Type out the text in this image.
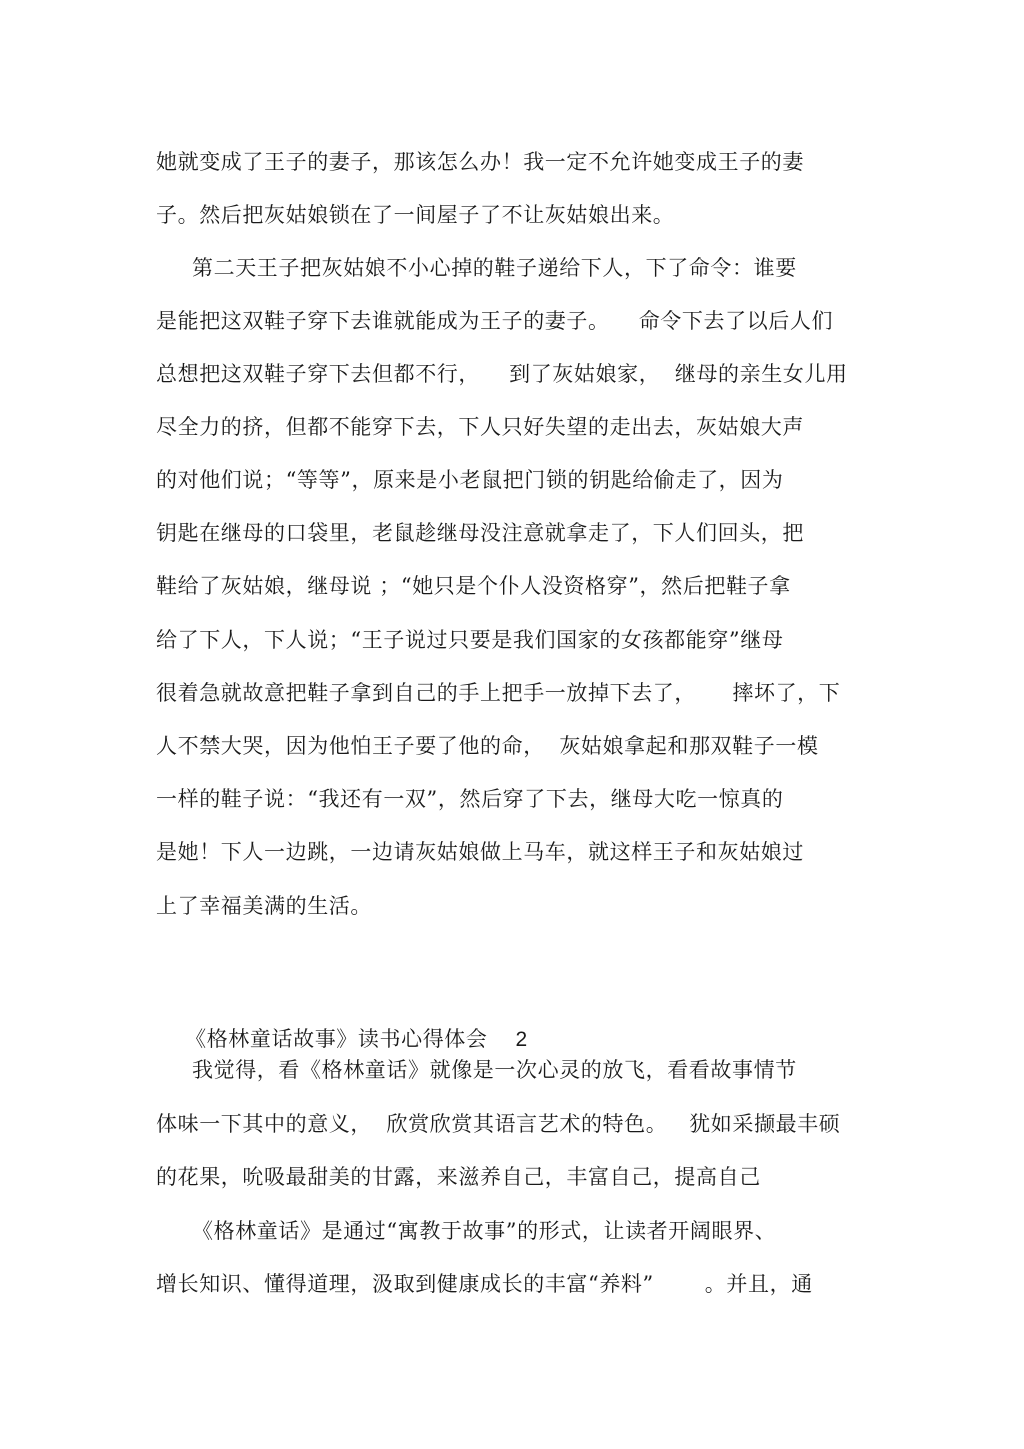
她就变成了王子的妻子，那该怎么办！我一定不允许她变成王子的妻
子。然后把灰姑娘锁在了一间屋子了不让灰姑娘出来。
第二天王子把灰姑娘不小心掉的鞋子递给下人，下了命令：谁要
是能把这双鞋子穿下去谁就能成为王子的妻子。    命令下去了以后人们
总想把这双鞋子穿下去但都不行，    到了灰姑娘家，  继母的亲生女儿用
尽全力的挤，但都不能穿下去，下人只好失望的走出去，灰姑娘大声
的对他们说；“等等”，原来是小老鼠把门锁的钥匙给偷走了，因为
钥匙在继母的口袋里，老鼠趁继母没注意就拿走了，下人们回头，把
鞋给了灰姑娘，继母说 ；“她只是个仆人没资格穿”，然后把鞋子拿
给了下人，下人说；“王子说过只要是我们国家的女孩都能穿”继母
很着急就故意把鞋子拿到自己的手上把手一放掉下去了，     摔坏了，下
人不禁大哭，因为他怕王子要了他的命，  灰姑娘拿起和那双鞋子一模
一样的鞋子说：“我还有一双”，然后穿了下去，继母大吃一惊真的
是她！下人一边跳，一边请灰姑娘做上马车，就这样王子和灰姑娘过
上了幸福美满的生活。

《格林童话故事》读书心得体会 2

我觉得，看《格林童话》就像是一次心灵的放飞，看看故事情节
体味一下其中的意义，  欣赏欣赏其语言艺术的特色。   犹如采撷最丰硕
的花果，吮吸最甜美的甘露，来滋养自己，丰富自己，提高自己
《格林童话》是通过“寓教于故事”的形式，让读者开阔眼界、
增长知识、懂得道理，汲取到健康成长的丰富“养料”       。并且，通
